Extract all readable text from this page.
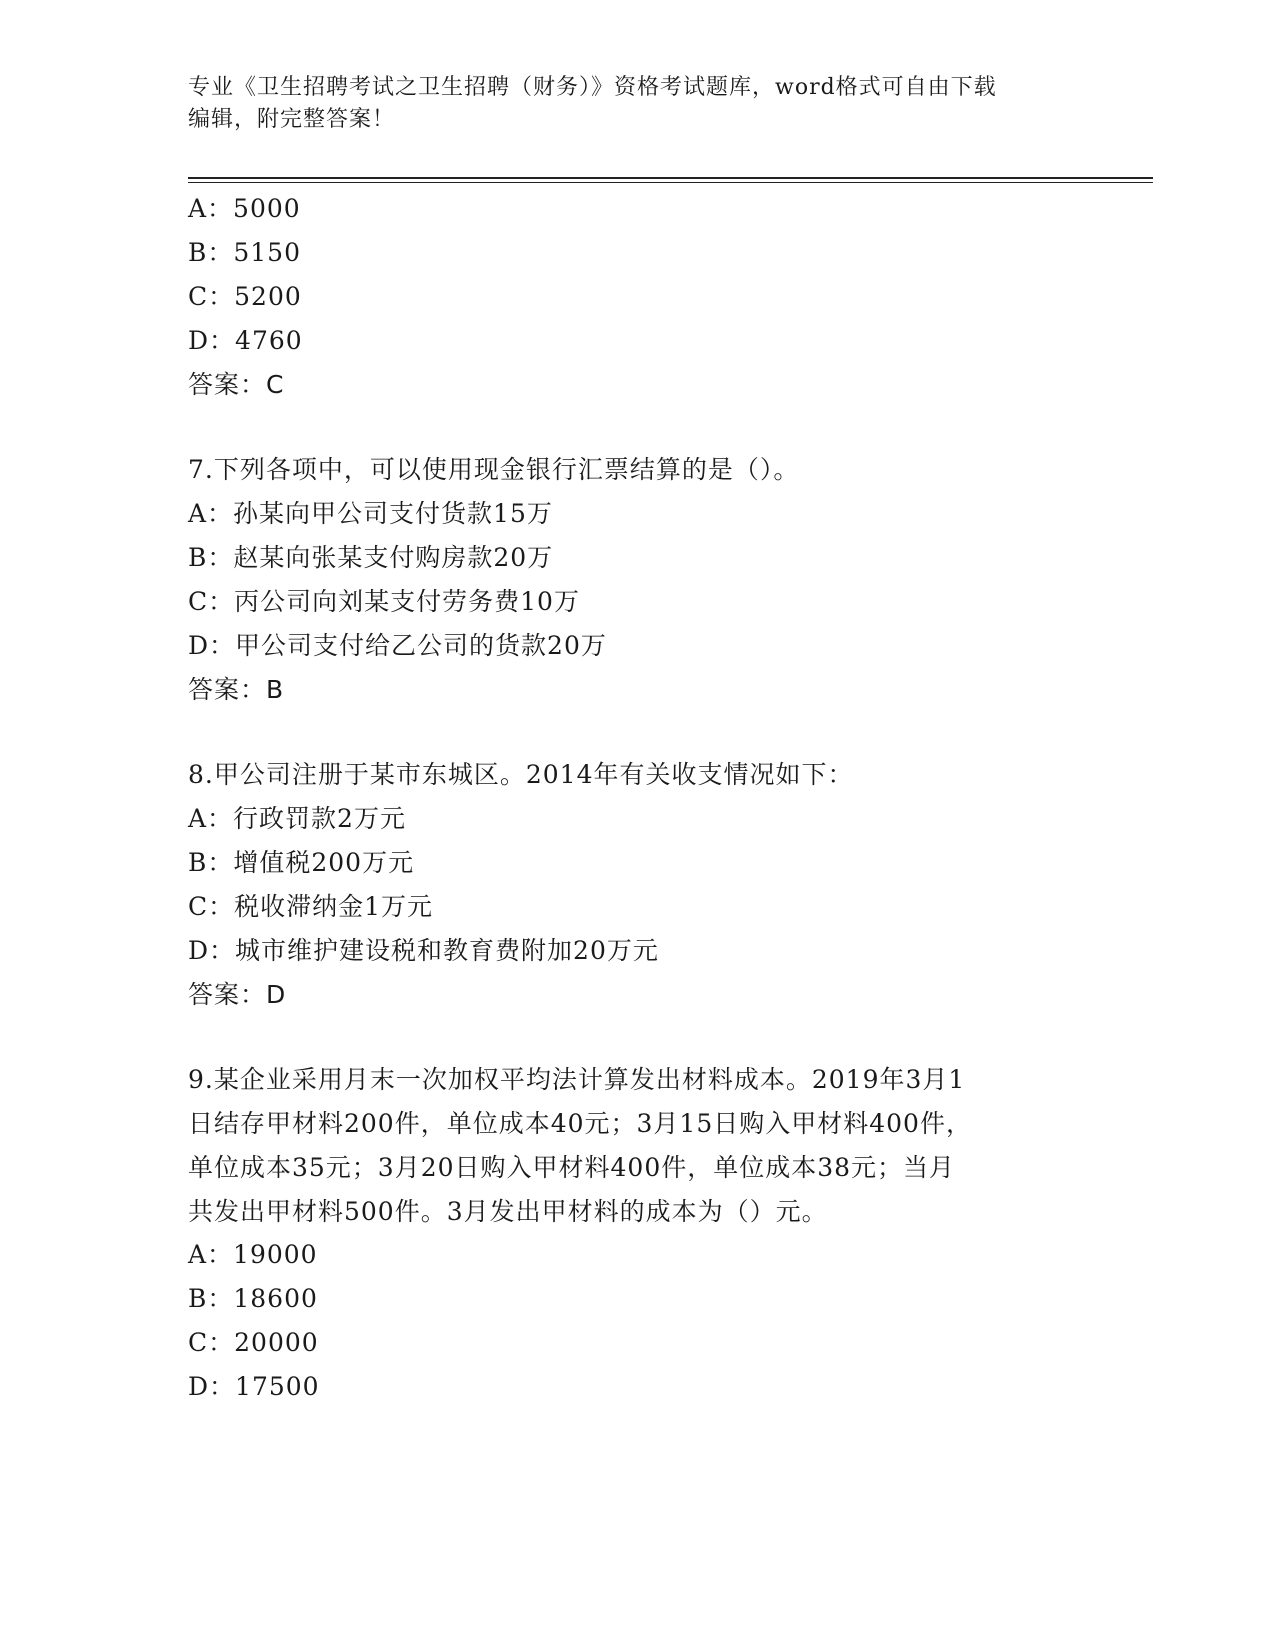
专业《卫生招聘考试之卫生招聘（财务）》资格考试题库，word格式可自由下载
编辑，附完整答案！
A：5000
B：5150
C：5200
D：4760
答案：C
7.下列各项中，可以使用现金银行汇票结算的是（）。
A：孙某向甲公司支付货款15万
B：赵某向张某支付购房款20万
C：丙公司向刘某支付劳务费10万
D：甲公司支付给乙公司的货款20万
答案：B
8.甲公司注册于某市东城区。2014年有关收支情况如下：
A：行政罚款2万元
B：增值税200万元
C：税收滞纳金1万元
D：城市维护建设税和教育费附加20万元
答案：D
9.某企业采用月末一次加权平均法计算发出材料成本。2019年3月1
日结存甲材料200件，单位成本40元；3月15日购入甲材料400件，
单位成本35元；3月20日购入甲材料400件，单位成本38元；当月
共发出甲材料500件。3月发出甲材料的成本为（）元。
A：19000
B：18600
C：20000
D：17500
